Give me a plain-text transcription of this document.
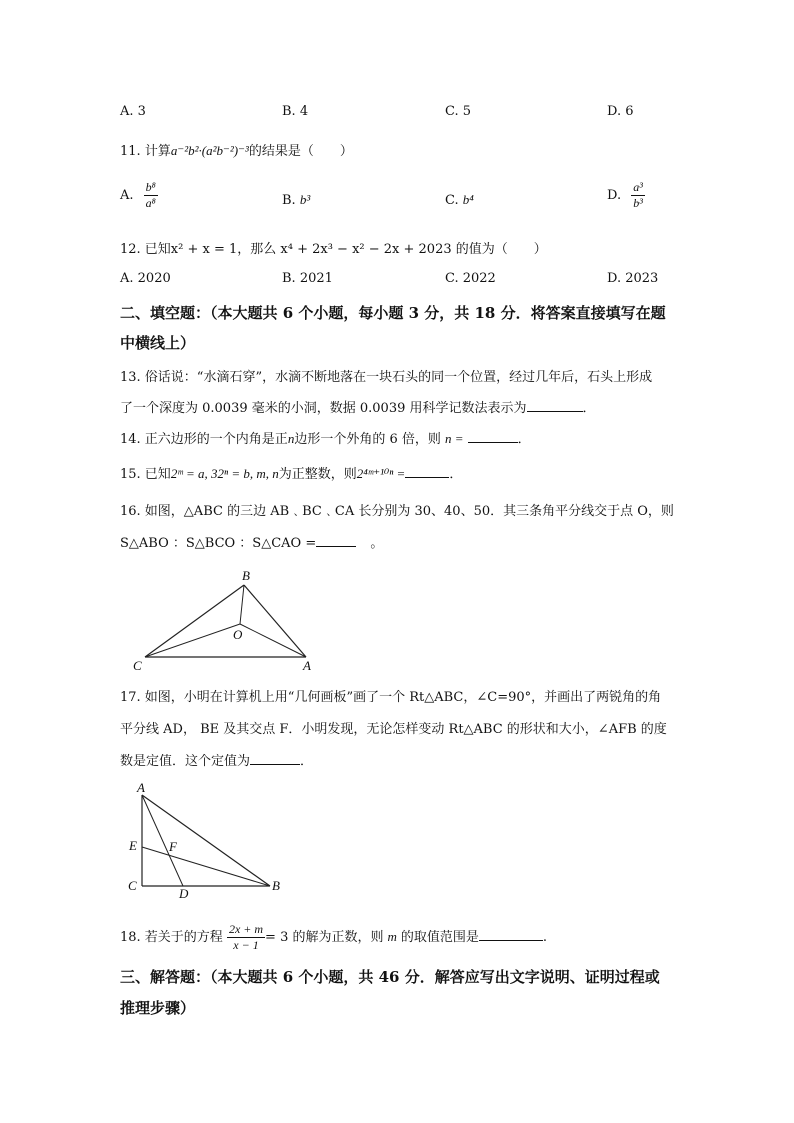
A. 3	B. 4	C. 5	D. 6
11. 计算a⁻²b²·(a²b⁻²)⁻³的结果是（　　）
A. $\frac{\text{b⁸}}{\text{a⁸}}$	B. b³	C. b⁴	D. $\frac{\text{a³}}{\text{b³}}$
12. 已知x² + x = 1，那么 x⁴ + 2x³ − x² − 2x + 2023 的值为（　　）
A. 2020	B. 2021	C. 2022	D. 2023
二、填空题：（本大题共 6 个小题，每小题 3 分，共 18 分．将答案直接填写在题
中横线上）
13. 俗话说：“水滴石穿”，水滴不断地落在一块石头的同一个位置，经过几年后，石头上形成
了一个深度为 0.0039 毫米的小洞，数据 0.0039 用科学记数法表示为	．
14. 正六边形的一个内角是正n边形一个外角的 6 倍，则 n =	．
15. 已知2ᵐ = a, 32ⁿ = b, m, n为正整数，则2⁴ᵐ⁺¹⁰ⁿ =	．
16. 如图，△ABC 的三边 AB﹑BC﹑CA 长分别为 30、40、50．其三条角平分线交于点 O，则
S△ABO ：S△BCO ：S△CAO =	。
B
O
C	A
17. 如图，小明在计算机上用“几何画板”画了一个 Rt△ABC，∠C=90°，并画出了两锐角的角
平分线 AD， BE 及其交点 F．小明发现，无论怎样变动 Rt△ABC 的形状和大小，∠AFB 的度
数是定值．这个定值为	．
A
E F
C
D
B
18. 若关于的方程 $\frac{2x + m}{x - 1} = 3$ 的解为正数，则 m 的取值范围是	.
三、解答题：（本大题共 6 个小题，共 46 分．解答应写出文字说明、证明过程或
推理步骤）
